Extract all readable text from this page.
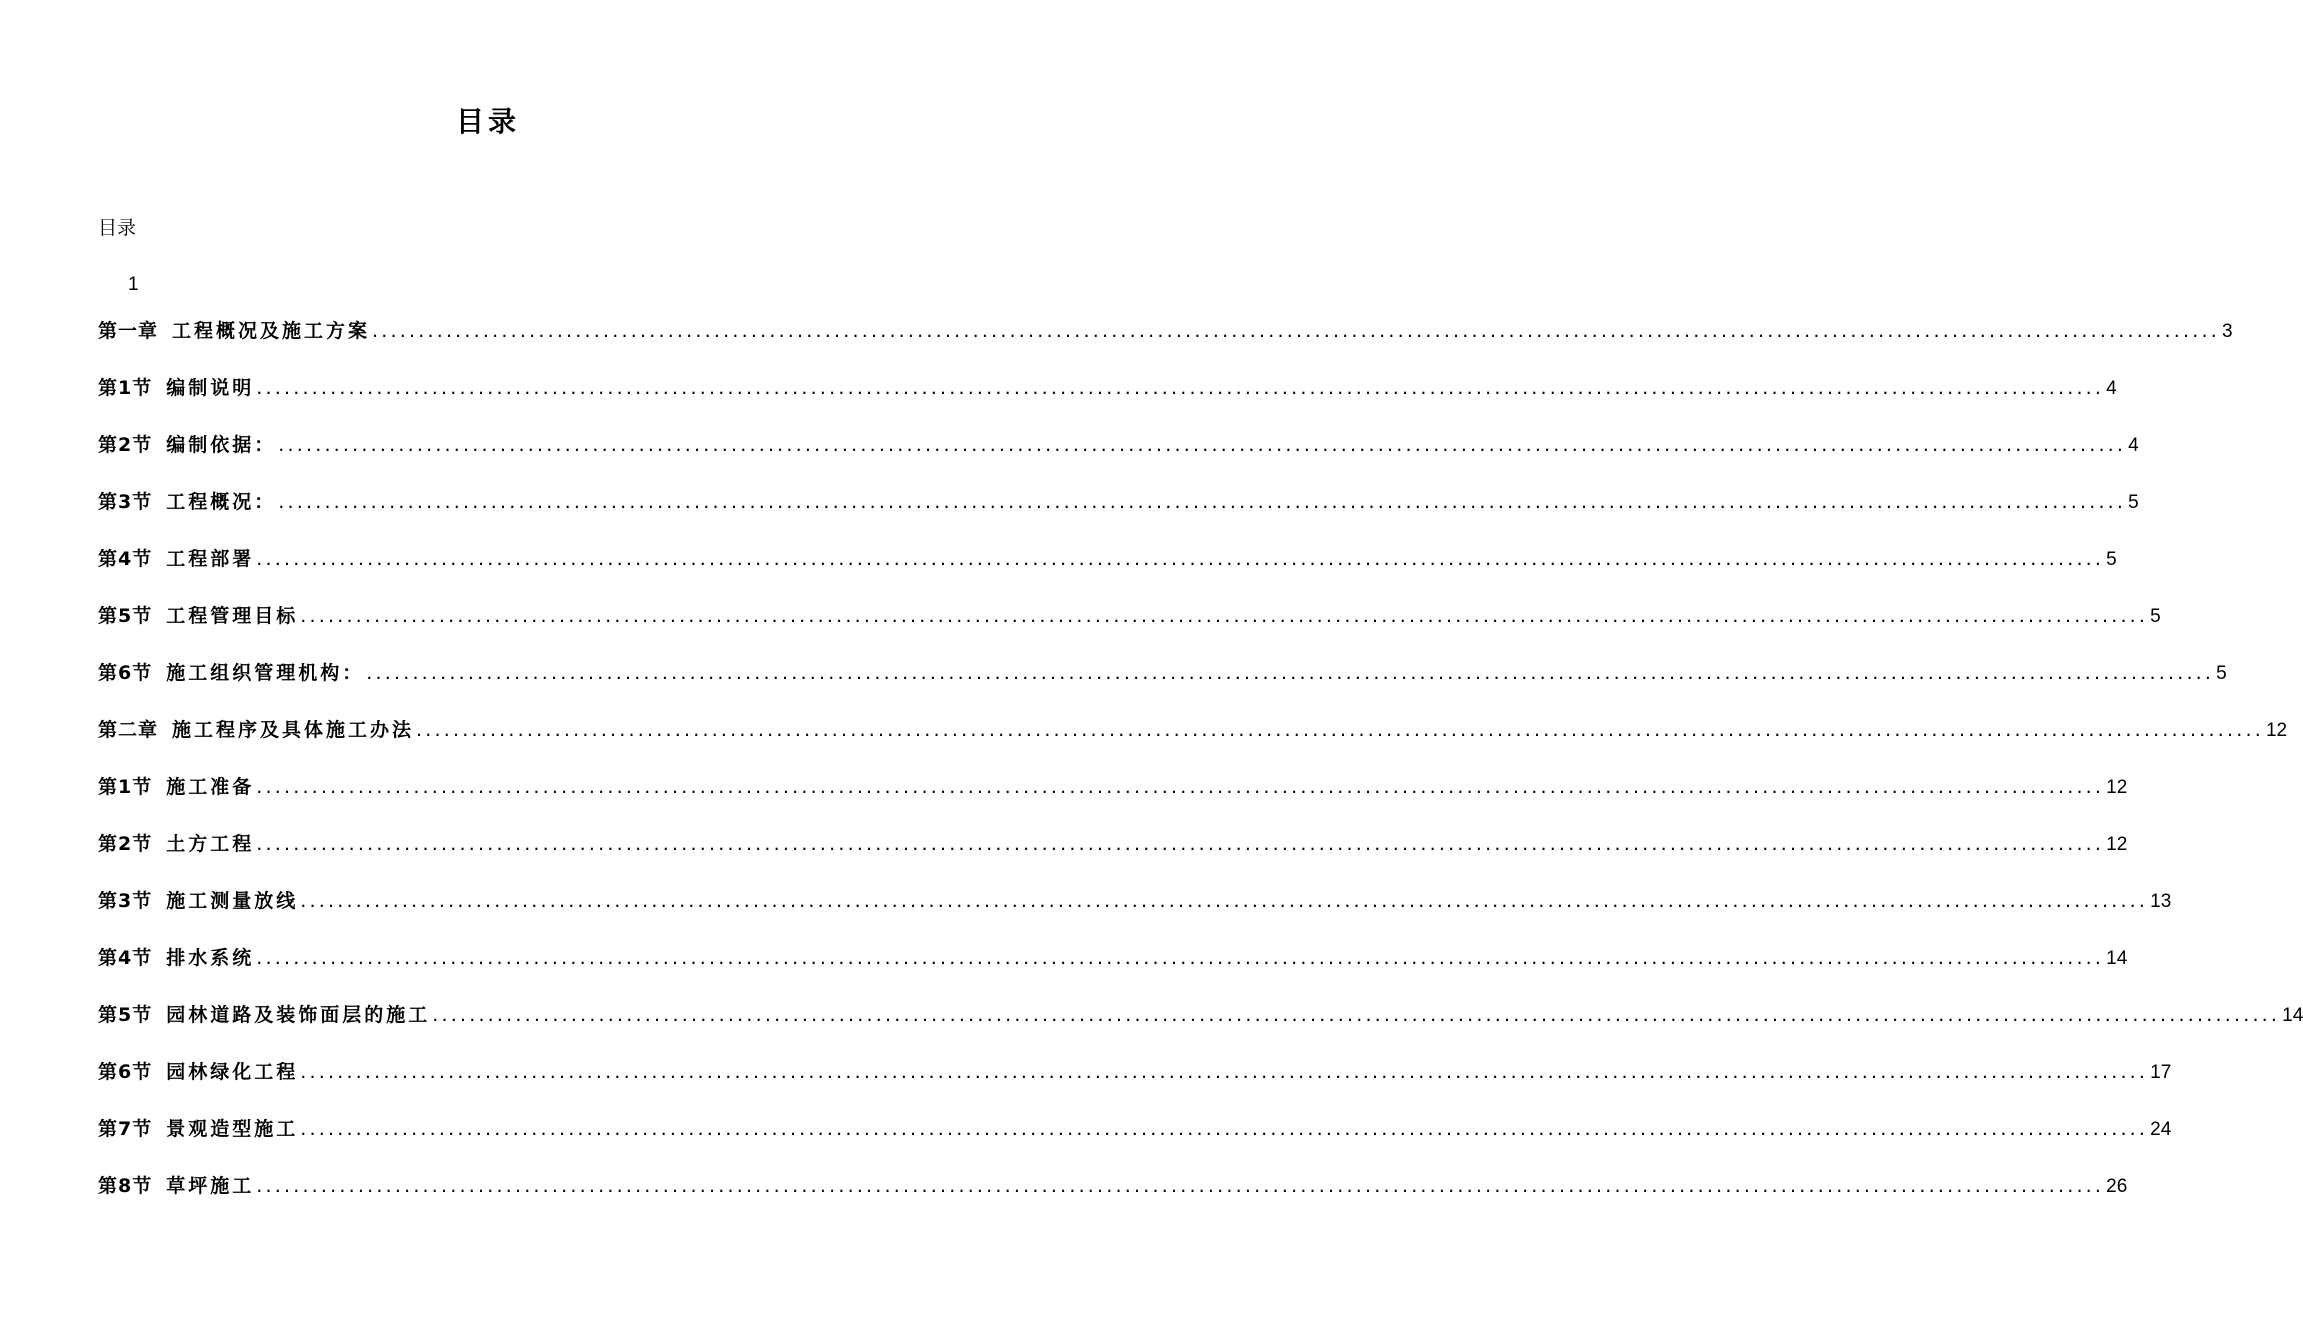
目录
目录
1
第一章 工程概况及施工方案 ........................................................................................................................................................................................................ 3
第1节 编制说明 ........................................................................................................................................................................................................ 4
第2节 编制依据： ........................................................................................................................................................................................................ 4
第3节 工程概况： ........................................................................................................................................................................................................ 5
第4节 工程部署 ........................................................................................................................................................................................................ 5
第5节 工程管理目标 ........................................................................................................................................................................................................ 5
第6节 施工组织管理机构： ........................................................................................................................................................................................................ 5
第二章 施工程序及具体施工办法 ........................................................................................................................................................................................................ 12
第1节 施工准备 ........................................................................................................................................................................................................ 12
第2节 土方工程 ........................................................................................................................................................................................................ 12
第3节 施工测量放线 ........................................................................................................................................................................................................ 13
第4节 排水系统 ........................................................................................................................................................................................................ 14
第5节 园林道路及装饰面层的施工 ........................................................................................................................................................................................................ 14
第6节 园林绿化工程 ........................................................................................................................................................................................................ 17
第7节 景观造型施工 ........................................................................................................................................................................................................ 24
第8节 草坪施工 ........................................................................................................................................................................................................ 26
